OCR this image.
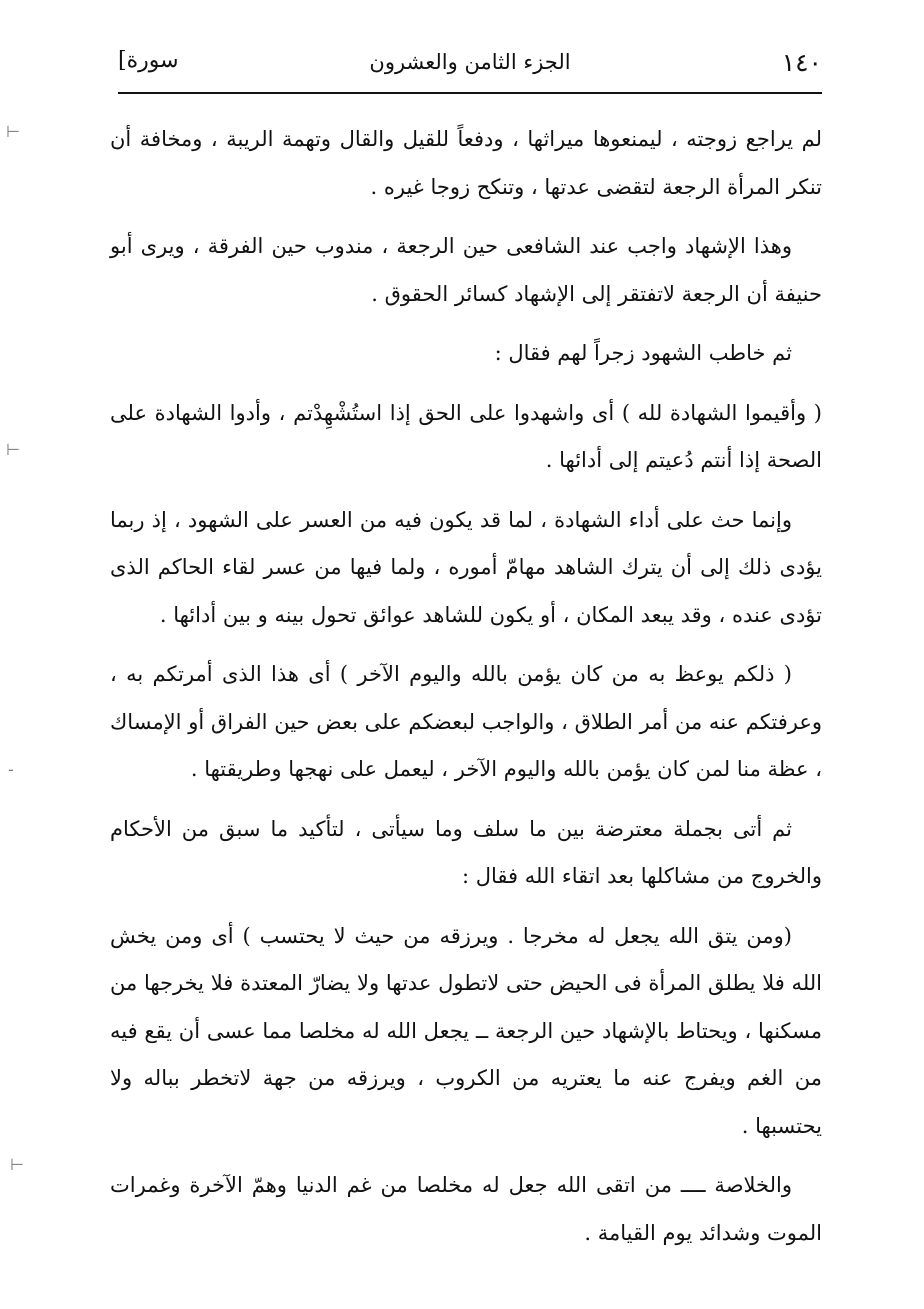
١٤٠
الجزء الثامن والعشرون
[سورة

لم يراجع زوجته ، ليمنعوها ميراثها ، ودفعاً للقيل والقال وتهمة الريبة ، ومخافة أن تنكر المرأة الرجعة لتقضى عدتها ، وتنكح زوجا غيره .

وهذا الإشهاد واجب عند الشافعى حين الرجعة ، مندوب حين الفرقة ، ويرى أبو حنيفة أن الرجعة لاتفتقر إلى الإشهاد كسائر الحقوق .

ثم خاطب الشهود زجراً لهم فقال :

( وأقيموا الشهادة لله ) أى واشهدوا على الحق إذا استُشْهِدْتم ، وأدوا الشهادة على الصحة إذا أنتم دُعيتم إلى أدائها .

وإنما حث على أداء الشهادة ، لما قد يكون فيه من العسر على الشهود ، إذ ربما يؤدى ذلك إلى أن يترك الشاهد مهامّ أموره ، ولما فيها من عسر لقاء الحاكم الذى تؤدى عنده ، وقد يبعد المكان ، أو يكون للشاهد عوائق تحول بينه و بين أدائها .

( ذلكم يوعظ به من كان يؤمن بالله واليوم الآخر ) أى هذا الذى أمرتكم به ، وعرفتكم عنه من أمر الطلاق ، والواجب لبعضكم على بعض حين الفراق أو الإمساك ، عظة منا لمن كان يؤمن بالله واليوم الآخر ، ليعمل على نهجها وطريقتها .

ثم أتى بجملة معترضة بين ما سلف وما سيأتى ، لتأكيد ما سبق من الأحكام والخروج من مشاكلها بعد اتقاء الله فقال :

(ومن يتق الله يجعل له مخرجا . ويرزقه من حيث لا يحتسب ) أى ومن يخش الله فلا يطلق المرأة فى الحيض حتى لاتطول عدتها ولا يضارّ المعتدة فلا يخرجها من مسكنها ، ويحتاط بالإشهاد حين الرجعة ــ يجعل الله له مخلصا مما عسى أن يقع فيه من الغم ويفرج عنه ما يعتريه من الكروب ، ويرزقه من جهة لاتخطر بباله ولا يحتسبها .

والخلاصة ــــ من اتقى الله جعل له مخلصا من غم الدنيا وهمّ الآخرة وغمرات الموت وشدائد يوم القيامة .

⊢
⊢
-
⊢
